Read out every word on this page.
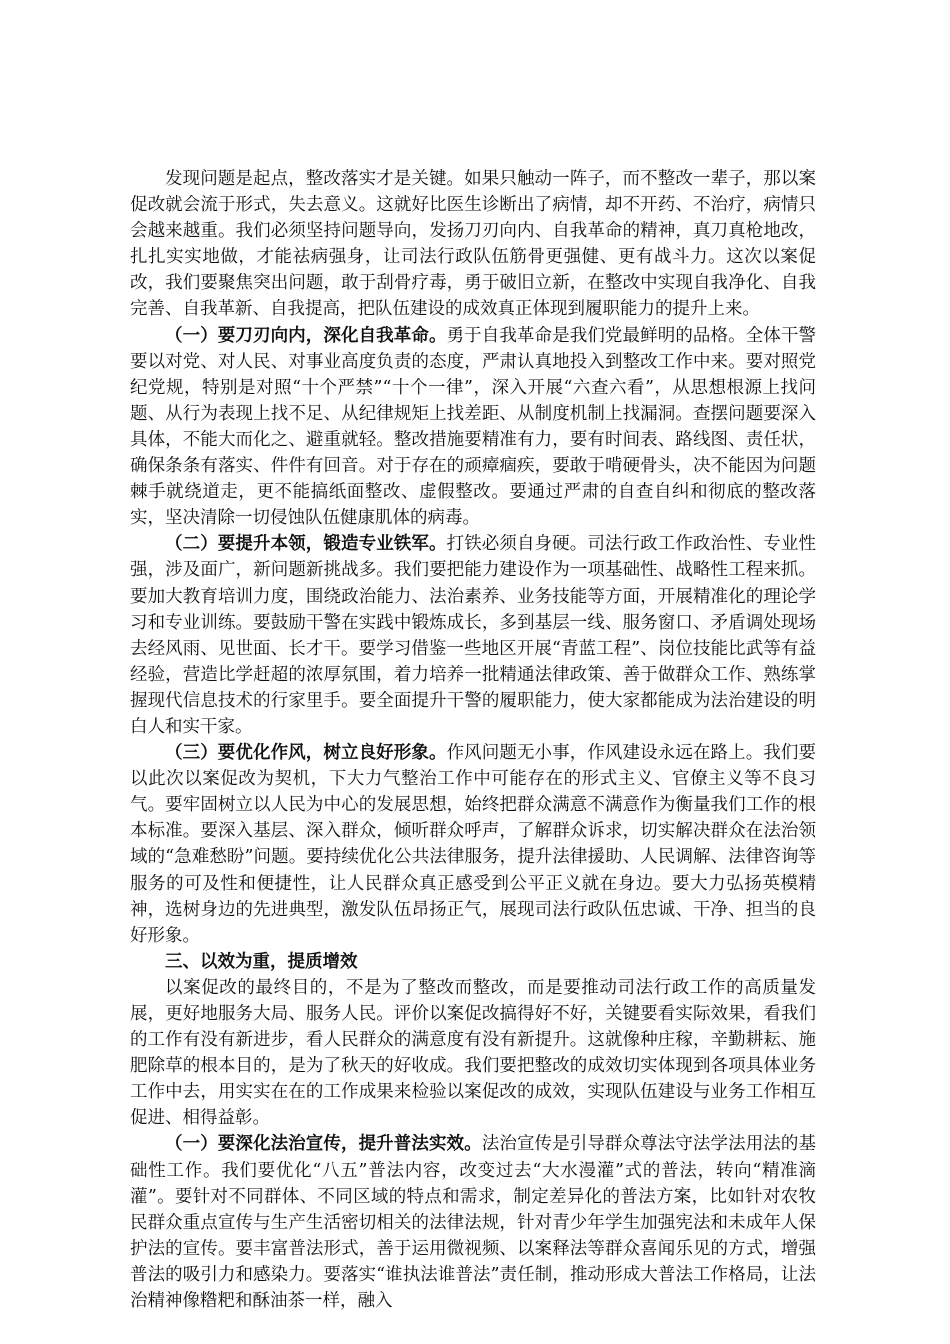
发现问题是起点，整改落实才是关键。如果只触动一阵子，而不整改一辈子，那以案促改就会流于形式，失去意义。这就好比医生诊断出了病情，却不开药、不治疗，病情只会越来越重。我们必须坚持问题导向，发扬刀刃向内、自我革命的精神，真刀真枪地改，扎扎实实地做，才能祛病强身，让司法行政队伍筋骨更强健、更有战斗力。这次以案促改，我们要聚焦突出问题，敢于刮骨疗毒，勇于破旧立新，在整改中实现自我净化、自我完善、自我革新、自我提高，把队伍建设的成效真正体现到履职能力的提升上来。

（一）要刀刃向内，深化自我革命。勇于自我革命是我们党最鲜明的品格。全体干警要以对党、对人民、对事业高度负责的态度，严肃认真地投入到整改工作中来。要对照党纪党规，特别是对照“十个严禁”“十个一律”，深入开展“六查六看”，从思想根源上找问题、从行为表现上找不足、从纪律规矩上找差距、从制度机制上找漏洞。查摆问题要深入具体，不能大而化之、避重就轻。整改措施要精准有力，要有时间表、路线图、责任状，确保条条有落实、件件有回音。对于存在的顽瘴痼疾，要敢于啃硬骨头，决不能因为问题棘手就绕道走，更不能搞纸面整改、虚假整改。要通过严肃的自查自纠和彻底的整改落实，坚决清除一切侵蚀队伍健康肌体的病毒。

（二）要提升本领，锻造专业铁军。打铁必须自身硬。司法行政工作政治性、专业性强，涉及面广，新问题新挑战多。我们要把能力建设作为一项基础性、战略性工程来抓。要加大教育培训力度，围绕政治能力、法治素养、业务技能等方面，开展精准化的理论学习和专业训练。要鼓励干警在实践中锻炼成长，多到基层一线、服务窗口、矛盾调处现场去经风雨、见世面、长才干。要学习借鉴一些地区开展“青蓝工程”、岗位技能比武等有益经验，营造比学赶超的浓厚氛围，着力培养一批精通法律政策、善于做群众工作、熟练掌握现代信息技术的行家里手。要全面提升干警的履职能力，使大家都能成为法治建设的明白人和实干家。

（三）要优化作风，树立良好形象。作风问题无小事，作风建设永远在路上。我们要以此次以案促改为契机，下大力气整治工作中可能存在的形式主义、官僚主义等不良习气。要牢固树立以人民为中心的发展思想，始终把群众满意不满意作为衡量我们工作的根本标准。要深入基层、深入群众，倾听群众呼声，了解群众诉求，切实解决群众在法治领域的“急难愁盼”问题。要持续优化公共法律服务，提升法律援助、人民调解、法律咨询等服务的可及性和便捷性，让人民群众真正感受到公平正义就在身边。要大力弘扬英模精神，选树身边的先进典型，激发队伍昂扬正气，展现司法行政队伍忠诚、干净、担当的良好形象。

三、以效为重，提质增效

以案促改的最终目的，不是为了整改而整改，而是要推动司法行政工作的高质量发展，更好地服务大局、服务人民。评价以案促改搞得好不好，关键要看实际效果，看我们的工作有没有新进步，看人民群众的满意度有没有新提升。这就像种庄稼，辛勤耕耘、施肥除草的根本目的，是为了秋天的好收成。我们要把整改的成效切实体现到各项具体业务工作中去，用实实在在的工作成果来检验以案促改的成效，实现队伍建设与业务工作相互促进、相得益彰。

（一）要深化法治宣传，提升普法实效。法治宣传是引导群众尊法守法学法用法的基础性工作。我们要优化“八五”普法内容，改变过去“大水漫灌”式的普法，转向“精准滴灌”。要针对不同群体、不同区域的特点和需求，制定差异化的普法方案，比如针对农牧民群众重点宣传与生产生活密切相关的法律法规，针对青少年学生加强宪法和未成年人保护法的宣传。要丰富普法形式，善于运用微视频、以案释法等群众喜闻乐见的方式，增强普法的吸引力和感染力。要落实“谁执法谁普法”责任制，推动形成大普法工作格局，让法治精神像糌粑和酥油茶一样，融入
